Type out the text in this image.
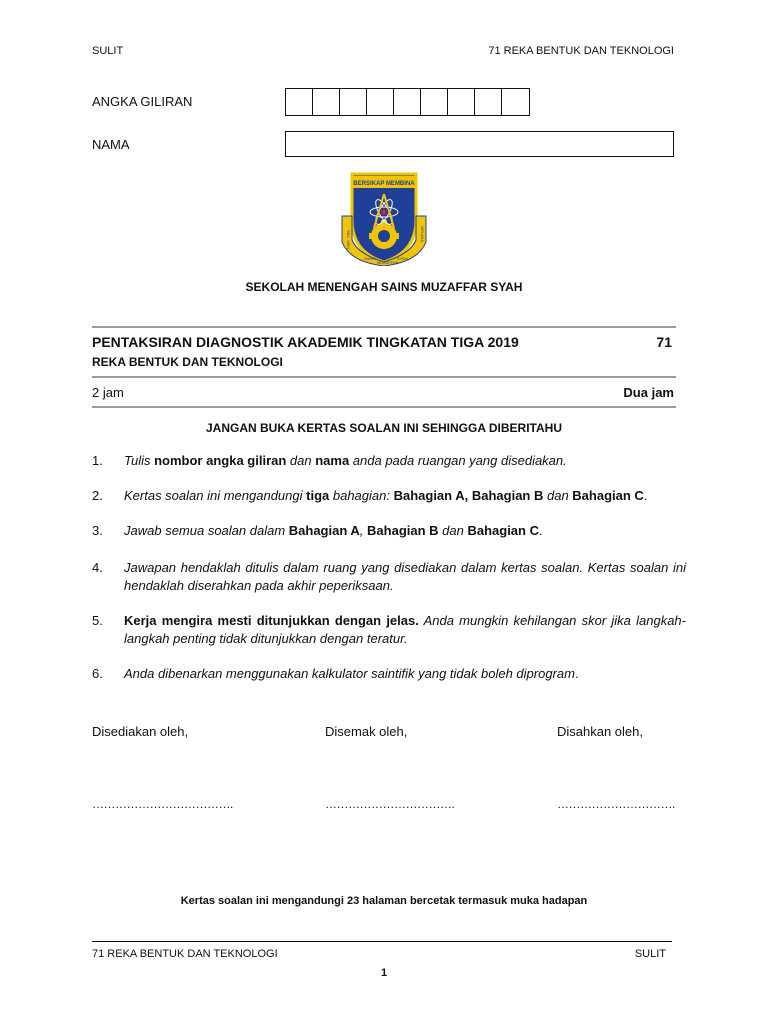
SULIT	71 REKA BENTUK DAN TEKNOLOGI
ANGKA GILIRAN
NAMA
BERSIKAP MEMBINA
SEK. MEN.
SAINS
MUZAFFAR
SYAH
MELAKA
SEKOLAH MENENGAH SAINS MUZAFFAR SYAH
PENTAKSIRAN DIAGNOSTIK AKADEMIK TINGKATAN TIGA 2019	71
REKA BENTUK DAN TEKNOLOGI
2 jam	Dua jam
JANGAN BUKA KERTAS SOALAN INI SEHINGGA DIBERITAHU
1.	Tulis nombor angka giliran dan nama anda pada ruangan yang disediakan.
2.	Kertas soalan ini mengandungi tiga bahagian: Bahagian A, Bahagian B dan Bahagian C.
3.	Jawab semua soalan dalam Bahagian A, Bahagian B dan Bahagian C.
4.	Jawapan hendaklah ditulis dalam ruang yang disediakan dalam kertas soalan. Kertas soalan ini hendaklah diserahkan pada akhir peperiksaan.
5.	Kerja mengira mesti ditunjukkan dengan jelas. Anda mungkin kehilangan skor jika langkah-langkah penting tidak ditunjukkan dengan teratur.
6.	Anda dibenarkan menggunakan kalkulator saintifik yang tidak boleh diprogram.
Disediakan oleh,	Disemak oleh,	Disahkan oleh,
……………………………….	…………………………….	………………………….
Kertas soalan ini mengandungi 23 halaman bercetak termasuk muka hadapan
71 REKA BENTUK DAN TEKNOLOGI	SULIT
1
